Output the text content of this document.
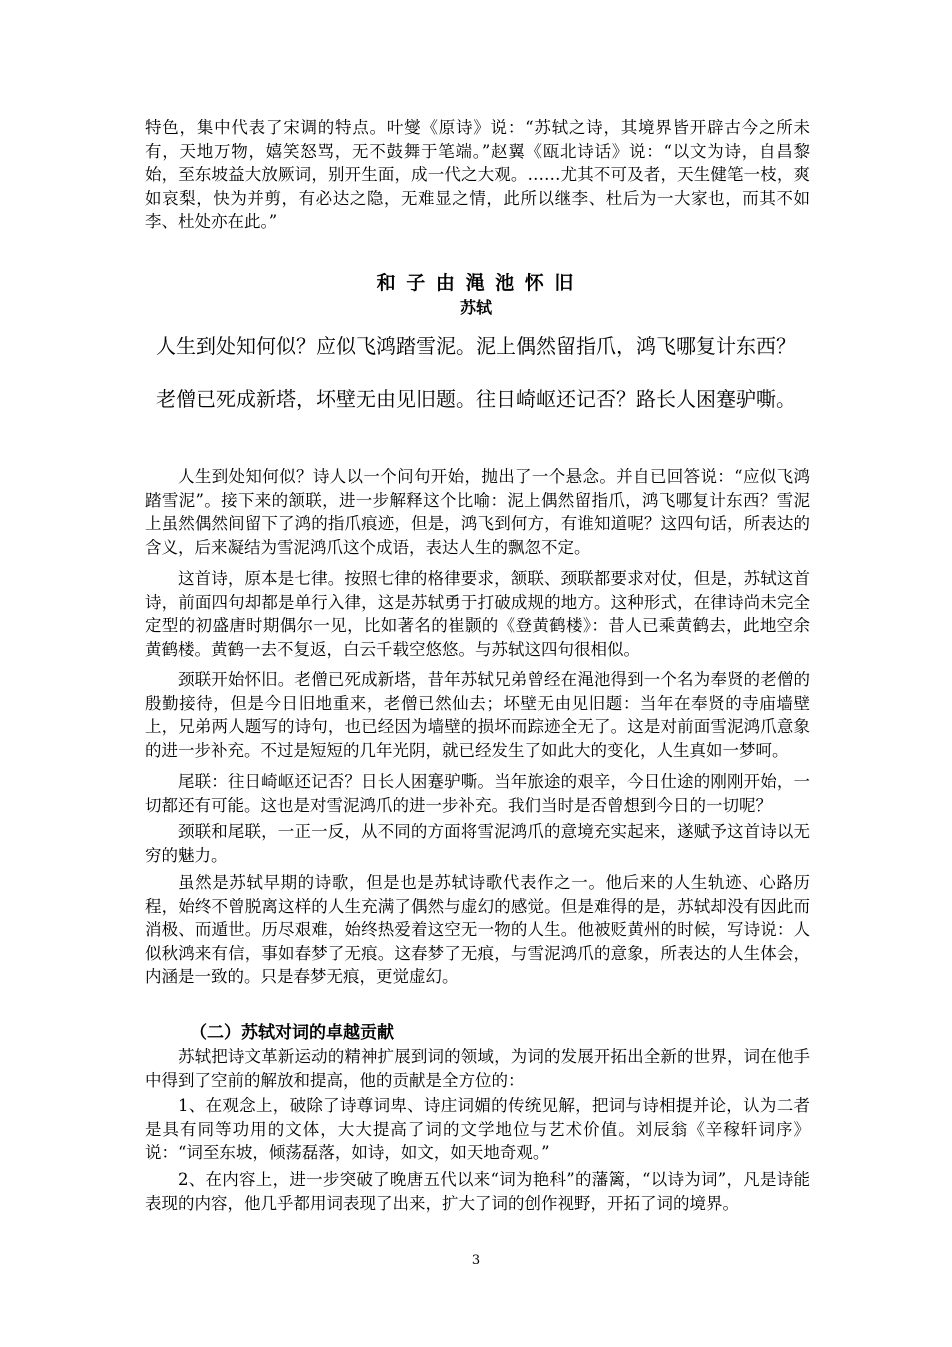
特色，集中代表了宋调的特点。叶燮《原诗》说：“苏轼之诗，其境界皆开辟古今之所未有，天地万物，嬉笑怒骂，无不鼓舞于笔端。”赵翼《瓯北诗话》说：“以文为诗，自昌黎始，至东坡益大放厥词，别开生面，成一代之大观。……尤其不可及者，天生健笔一枝，爽如哀梨，快为并剪，有必达之隐，无难显之情，此所以继李、杜后为一大家也，而其不如李、杜处亦在此。”

和 子 由 渑 池 怀 旧

苏轼

人生到处知何似？应似飞鸿踏雪泥。泥上偶然留指爪，鸿飞哪复计东西？

老僧已死成新塔，坏壁无由见旧题。往日崎岖还记否？路长人困蹇驴嘶。

人生到处知何似？诗人以一个问句开始，抛出了一个悬念。并自已回答说：“应似飞鸿踏雪泥”。接下来的颔联，进一步解释这个比喻：泥上偶然留指爪，鸿飞哪复计东西？雪泥上虽然偶然间留下了鸿的指爪痕迹，但是，鸿飞到何方，有谁知道呢？这四句话，所表达的含义，后来凝结为雪泥鸿爪这个成语，表达人生的飘忽不定。

这首诗，原本是七律。按照七律的格律要求，颔联、颈联都要求对仗，但是，苏轼这首诗，前面四句却都是单行入律，这是苏轼勇于打破成规的地方。这种形式，在律诗尚未完全定型的初盛唐时期偶尔一见，比如著名的崔颢的《登黄鹤楼》：昔人已乘黄鹤去，此地空余黄鹤楼。黄鹤一去不复返，白云千载空悠悠。与苏轼这四句很相似。

颈联开始怀旧。老僧已死成新塔，昔年苏轼兄弟曾经在渑池得到一个名为奉贤的老僧的殷勤接待，但是今日旧地重来，老僧已然仙去；坏壁无由见旧题：当年在奉贤的寺庙墙壁上，兄弟两人题写的诗句，也已经因为墙壁的损坏而踪迹全无了。这是对前面雪泥鸿爪意象的进一步补充。不过是短短的几年光阴，就已经发生了如此大的变化，人生真如一梦呵。

尾联：往日崎岖还记否？日长人困蹇驴嘶。当年旅途的艰辛，今日仕途的刚刚开始，一切都还有可能。这也是对雪泥鸿爪的进一步补充。我们当时是否曾想到今日的一切呢？

颈联和尾联，一正一反，从不同的方面将雪泥鸿爪的意境充实起来，遂赋予这首诗以无穷的魅力。

虽然是苏轼早期的诗歌，但是也是苏轼诗歌代表作之一。他后来的人生轨迹、心路历程，始终不曾脱离这样的人生充满了偶然与虚幻的感觉。但是难得的是，苏轼却没有因此而消极、而遁世。历尽艰难，始终热爱着这空无一物的人生。他被贬黄州的时候，写诗说：人似秋鸿来有信，事如春梦了无痕。这春梦了无痕，与雪泥鸿爪的意象，所表达的人生体会，内涵是一致的。只是春梦无痕，更觉虚幻。

（二）苏轼对词的卓越贡献

苏轼把诗文革新运动的精神扩展到词的领域，为词的发展开拓出全新的世界，词在他手中得到了空前的解放和提高，他的贡献是全方位的：

1、在观念上，破除了诗尊词卑、诗庄词媚的传统见解，把词与诗相提并论，认为二者是具有同等功用的文体，大大提高了词的文学地位与艺术价值。刘辰翁《辛稼轩词序》说：“词至东坡，倾荡磊落，如诗，如文，如天地奇观。”

2、在内容上，进一步突破了晚唐五代以来“词为艳科”的藩篱，“以诗为词”，凡是诗能表现的内容，他几乎都用词表现了出来，扩大了词的创作视野，开拓了词的境界。

3
